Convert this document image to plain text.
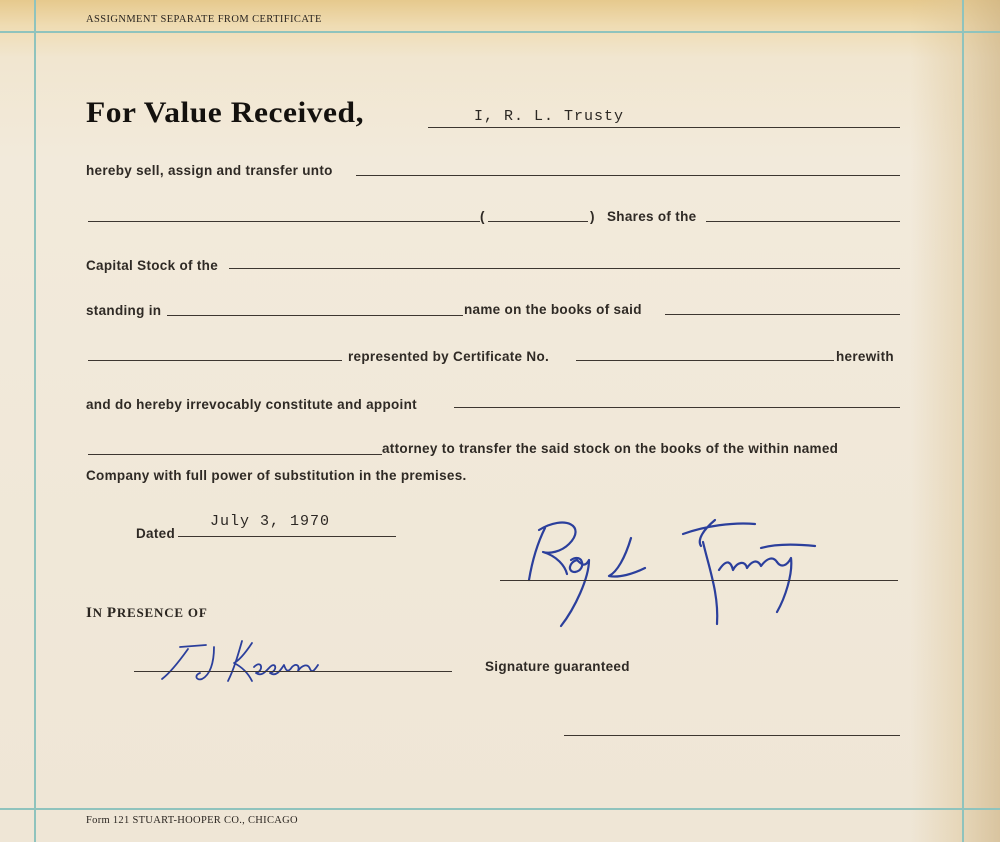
ASSIGNMENT SEPARATE FROM CERTIFICATE
For Value Received,	I, R. L. Trusty
hereby sell, assign and transfer unto
(	) Shares of the
Capital Stock of the
standing in	name on the books of said
represented by Certificate No.	herewith
and do hereby irrevocably constitute and appoint
attorney to transfer the said stock on the books of the within named
Company with full power of substitution in the premises.
Dated
July 3, 1970
IN PRESENCE OF
Signature guaranteed
Form 121 STUART-HOOPER CO., CHICAGO
